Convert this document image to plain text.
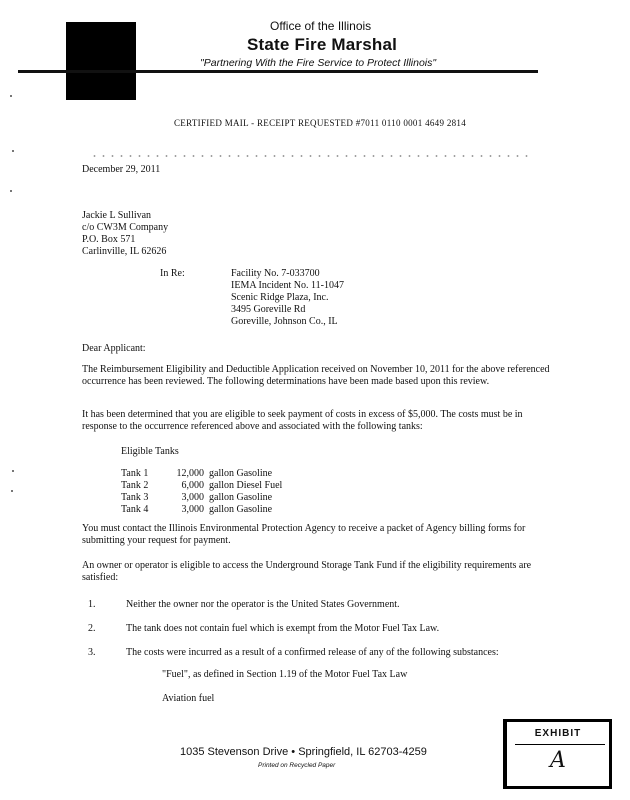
Office of the Illinois
State Fire Marshal
"Partnering With the Fire Service to Protect Illinois"
CERTIFIED MAIL - RECEIPT REQUESTED #7011 0110 0001 4649 2814
December 29, 2011
Jackie L Sullivan
c/o CW3M Company
P.O. Box 571
Carlinville, IL 62626
In Re:	Facility No. 7-033700
IEMA Incident No. 11-1047
Scenic Ridge Plaza, Inc.
3495 Goreville Rd
Goreville, Johnson Co., IL
Dear Applicant:
The Reimbursement Eligibility and Deductible Application received on November 10, 2011 for the above referenced occurrence has been reviewed. The following determinations have been made based upon this review.
It has been determined that you are eligible to seek payment of costs in excess of $5,000. The costs must be in response to the occurrence referenced above and associated with the following tanks:
Eligible Tanks
Tank 1	12,000 gallon Gasoline
Tank 2	6,000 gallon Diesel Fuel
Tank 3	3,000 gallon Gasoline
Tank 4	3,000 gallon Gasoline
You must contact the Illinois Environmental Protection Agency to receive a packet of Agency billing forms for submitting your request for payment.
An owner or operator is eligible to access the Underground Storage Tank Fund if the eligibility requirements are satisfied:
1.	Neither the owner nor the operator is the United States Government.
2.	The tank does not contain fuel which is exempt from the Motor Fuel Tax Law.
3.	The costs were incurred as a result of a confirmed release of any of the following substances:
"Fuel", as defined in Section 1.19 of the Motor Fuel Tax Law
Aviation fuel
1035 Stevenson Drive • Springfield, IL 62703-4259
Printed on Recycled Paper
EXHIBIT
A
